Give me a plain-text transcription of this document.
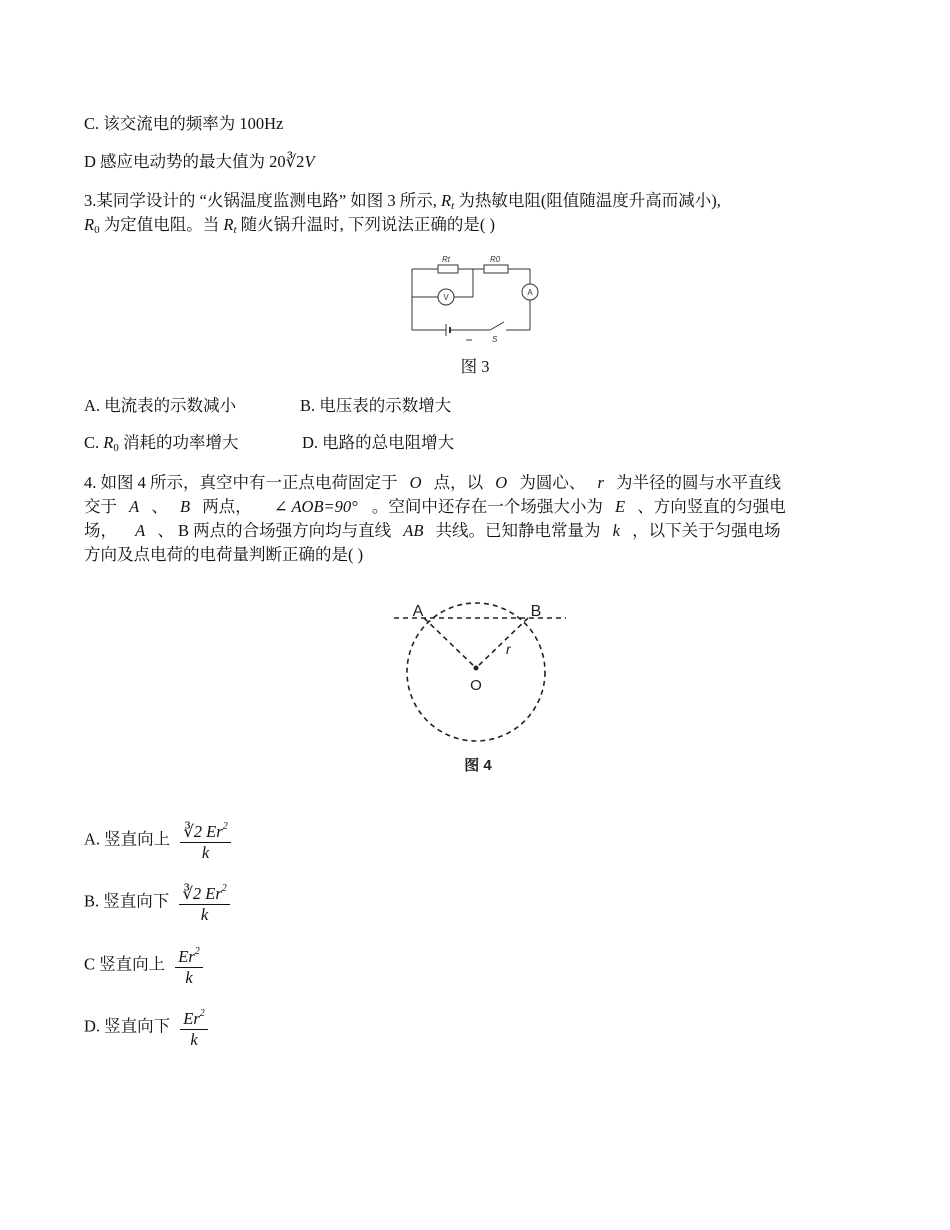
C. 该交流电的频率为 100Hz
D 感应电动势的最大值为 20∛2V
3.某同学设计的 “火锅温度监测电路” 如图 3 所示, $R_t$ 为热敏电阻(阻值随温度升高而减小),
$R_0$ 为定值电阻。当 $R_t$ 随火锅升温时, 下列说法正确的是( )
Rt	R0
V
A
S
图 3
A. 电流表的示数减小	B. 电压表的示数增大
C. $R_0$ 消耗的功率增大	D. 电路的总电阻增大
4. 如图 4 所示，真空中有一正点电荷固定于 O 点，以 O 为圆心、 r 为半径的圆与水平直线
交于 A 、 B 两点， ∠ AOB=90° 。空间中还存在一个场强大小为 E 、方向竖直的匀强电
场， A 、 B 两点的合场强方向均与直线 AB 共线。已知静电常量为 k ，以下关于匀强电场
方向及点电荷的电荷量判断正确的是( )
A	B
O
r
图 4
A. 竖直向上 $\frac{∛2 Er^2}{k}$
B. 竖直向下 $\frac{∛2 Er^2}{k}$
C 竖直向上 $\frac{Er^2}{k}$
D. 竖直向下 $\frac{Er^2}{k}$
